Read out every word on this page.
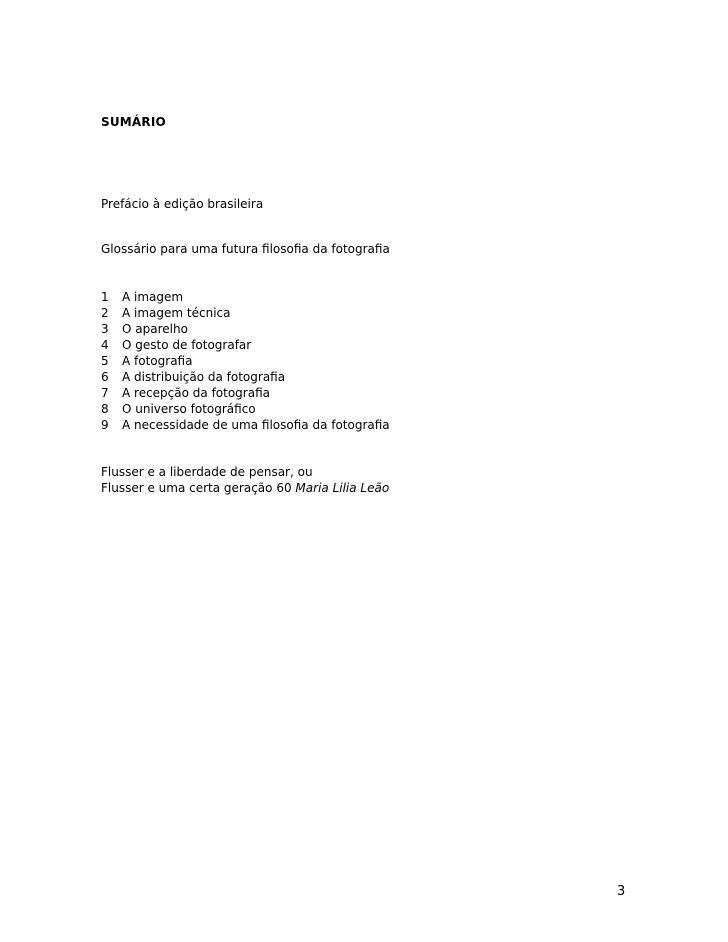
SUMÁRIO
Prefácio à edição brasileira
Glossário para uma futura filosofia da fotografia
1	A imagem
2	A imagem técnica
3	O aparelho
4	O gesto de fotografar
5	A fotografia
6	A distribuição da fotografia
7	A recepção da fotografia
8	O universo fotográfico
9	A necessidade de uma filosofia da fotografia
Flusser e a liberdade de pensar, ou
Flusser e uma certa geração 60 Maria Lilia Leão
3
